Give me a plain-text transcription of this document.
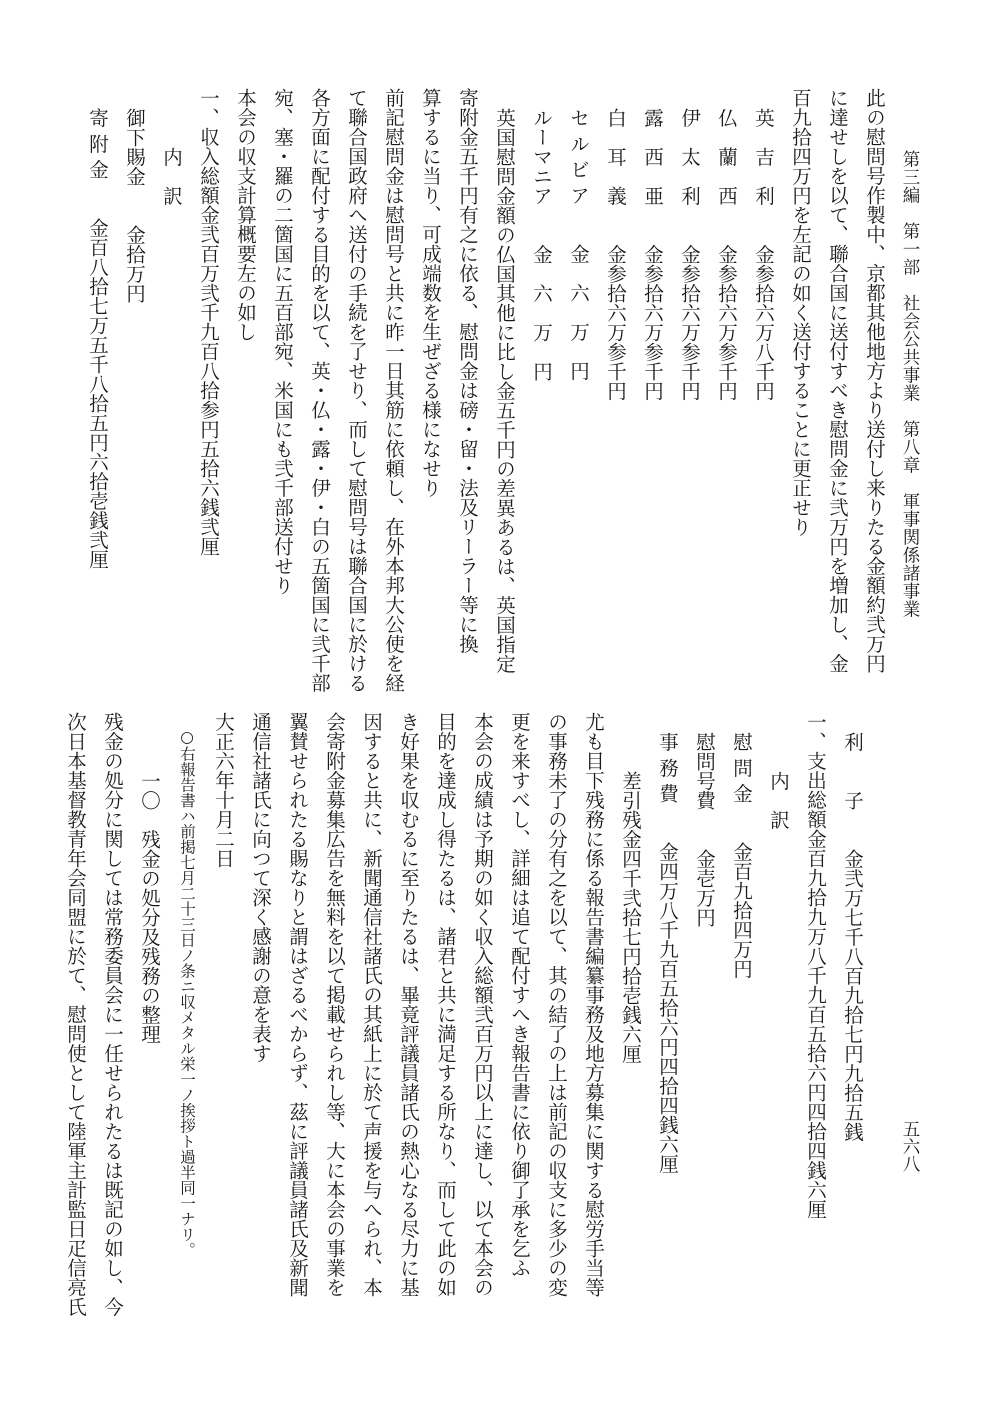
第三編　第一部　社会公共事業　第八章　軍事関係諸事業
五六八

此の慰問号作製中、京都其他地方より送付し来りたる金額約弐万円

に達せしを以て、聯合国に送付すべき慰問金に弐万円を増加し、金

百九拾四万円を左記の如く送付することに更正せり

英　吉　利　　金参拾六万八千円

仏　蘭　西　　金参拾六万参千円

伊　太　利　　金参拾六万参千円

露　西　亜　　金参拾六万参千円

白　耳　義　　金参拾六万参千円

セ ル ビ ア　　金　六　万　円

ルーマニア　　金　六　万　円

英国慰問金額の仏国其他に比し金五千円の差異あるは、英国指定

寄附金五千円有之に依る、慰問金は磅・留・法及リーラー等に換

算するに当り、可成端数を生ぜざる様になせり

前記慰問金は慰問号と共に昨一日其筋に依頼し、在外本邦大公使を経

て聯合国政府へ送付の手続を了せり、而して慰問号は聯合国に於ける

各方面に配付する目的を以て、英・仏・露・伊・白の五箇国に弐千部

宛、塞・羅の二箇国に五百部宛、米国にも弐千部送付せり

本会の収支計算概要左の如し

一、収入総額金弐百万弐千九百八拾参円五拾六銭弐厘

内　訳

御下賜金　　金拾万円

寄 附 金　　金百八拾七万五千八拾五円六拾壱銭弐厘

利　　子　　金弐万七千八百九拾七円九拾五銭

一、支出総額金百九拾九万八千九百五拾六円四拾四銭六厘

内　訳

慰 問 金　　金百九拾四万円

慰問号費　　金壱万円

事 務 費　　金四万八千九百五拾六円四拾四銭六厘

差引残金四千弐拾七円拾壱銭六厘

尤も目下残務に係る報告書編纂事務及地方募集に関する慰労手当等

の事務未了の分有之を以て、其の結了の上は前記の収支に多少の変

更を来すべし、詳細は追て配付すへき報告書に依り御了承を乞ふ

本会の成績は予期の如く収入総額弐百万円以上に達し、以て本会の

目的を達成し得たるは、諸君と共に満足する所なり、而して此の如

き好果を収むるに至りたるは、畢竟評議員諸氏の熱心なる尽力に基

因すると共に、新聞通信社諸氏の其紙上に於て声援を与へられ、本

会寄附金募集広告を無料を以て掲載せられし等、大に本会の事業を

翼賛せられたる賜なりと謂はざるべからず、茲に評議員諸氏及新聞

通信社諸氏に向つて深く感謝の意を表す

大正六年十月二日

○右報告書ハ前掲七月二十三日ノ条ニ収メタル栄一ノ挨拶ト過半同一ナリ。

一〇　残金の処分及残務の整理

残金の処分に関しては常務委員会に一任せられたるは既記の如し、今

次日本基督教青年会同盟に於て、慰問使として陸軍主計監日疋信亮氏
